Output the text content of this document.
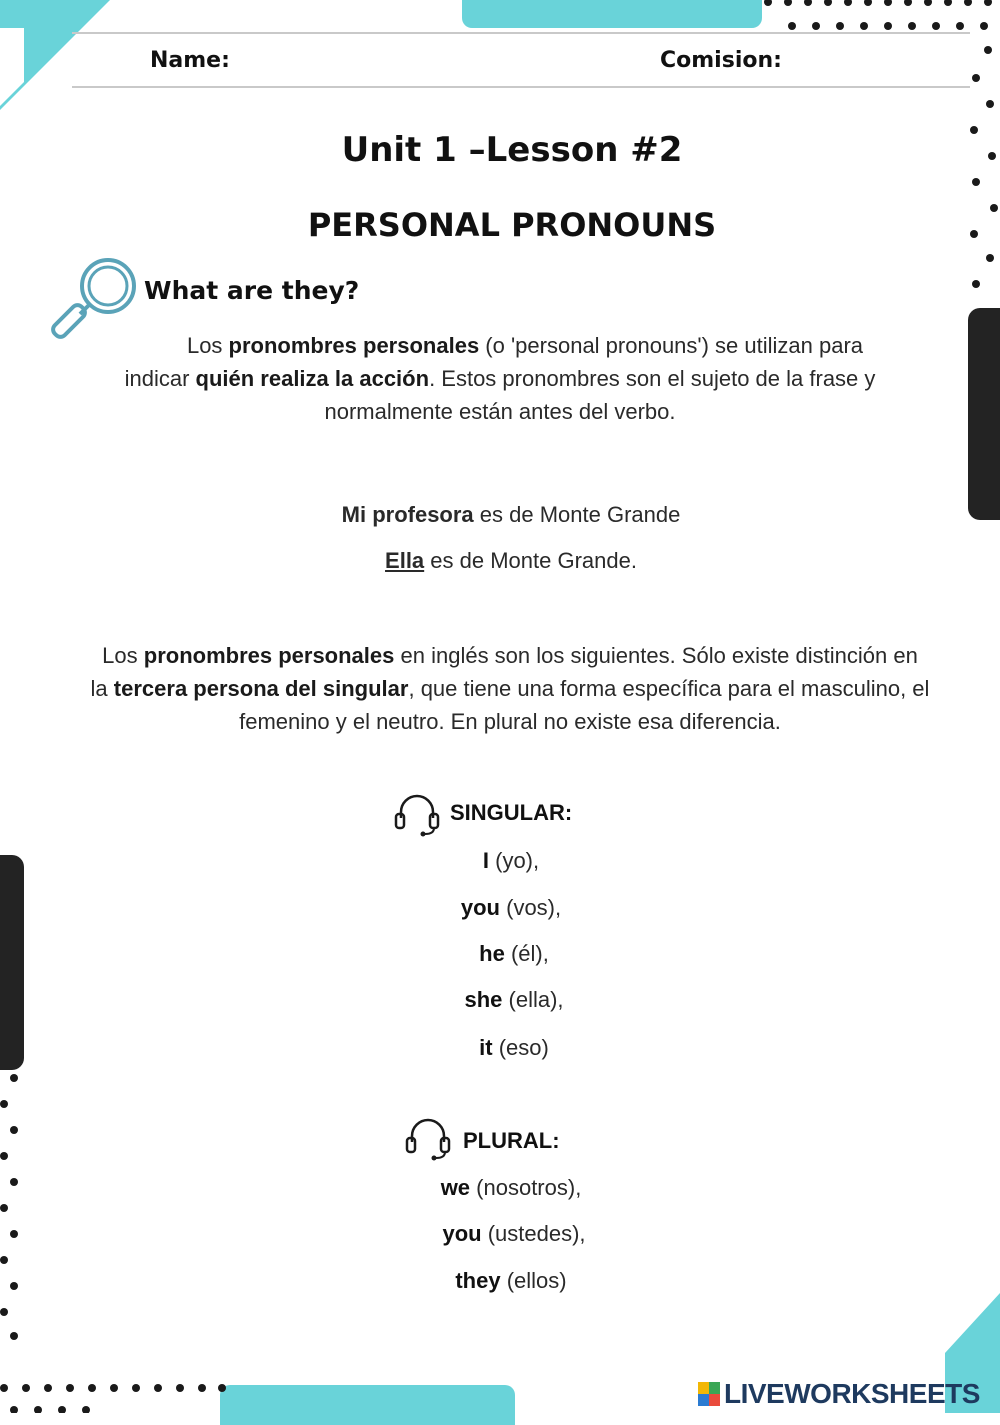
Name:	Comision:
Unit 1 –Lesson #2
PERSONAL PRONOUNS
What are they?
Los pronombres personales (o 'personal pronouns') se utilizan para
indicar quién realiza la acción. Estos pronombres son el sujeto de la frase y
normalmente están antes del verbo.
Mi profesora es de Monte Grande
Ella es de Monte Grande.
Los pronombres personales en inglés son los siguientes. Sólo existe distinción en
la tercera persona del singular, que tiene una forma específica para el masculino, el
femenino y el neutro. En plural no existe esa diferencia.
SINGULAR:
I (yo),
you (vos),
he (él),
she (ella),
it (eso)
PLURAL:
we (nosotros),
you (ustedes),
they (ellos)
LIVEWORKSHEETS
